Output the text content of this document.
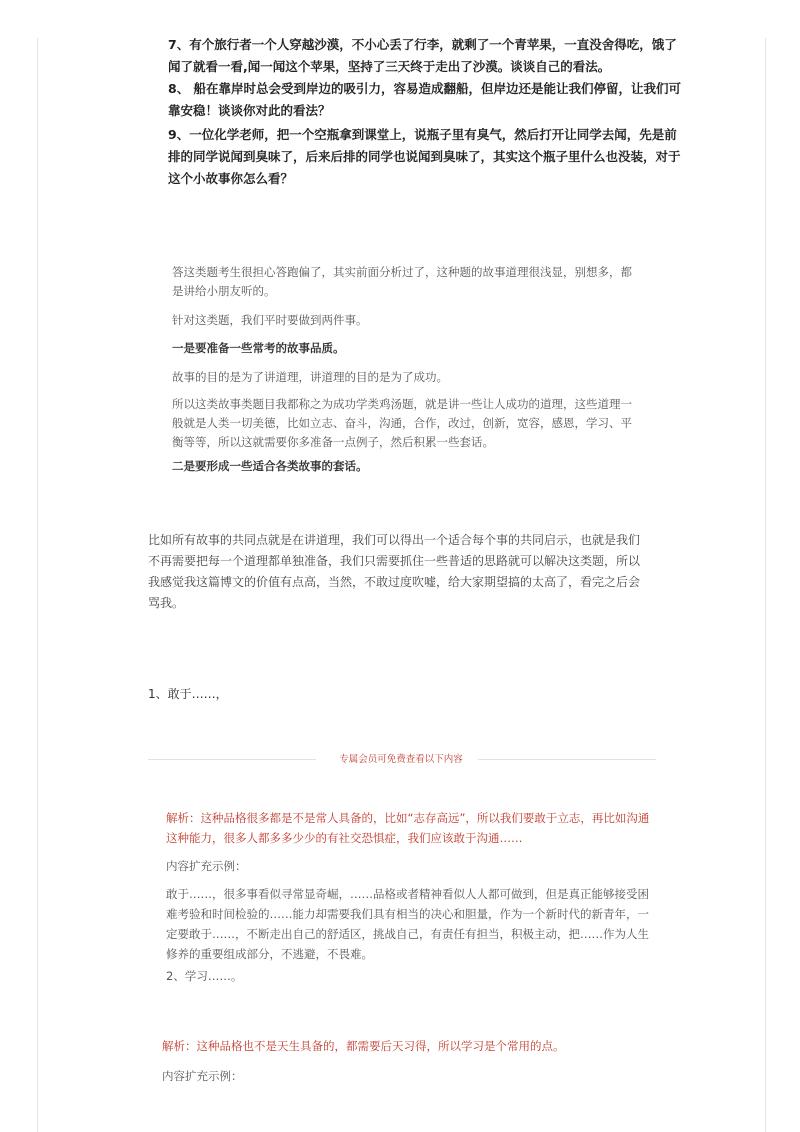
7、有个旅行者一个人穿越沙漠，不小心丢了行李，就剩了一个青苹果，一直没舍得吃，饿了闻了就看一看,闻一闻这个苹果，坚持了三天终于走出了沙漠。谈谈自己的看法。
8、 船在靠岸时总会受到岸边的吸引力，容易造成翻船，但岸边还是能让我们停留，让我们可靠安稳！谈谈你对此的看法？
9、一位化学老师，把一个空瓶拿到课堂上，说瓶子里有臭气，然后打开让同学去闻，先是前排的同学说闻到臭味了，后来后排的同学也说闻到臭味了，其实这个瓶子里什么也没装，对于这个小故事你怎么看？
答这类题考生很担心答跑偏了，其实前面分析过了，这种题的故事道理很浅显，别想多，都是讲给小朋友听的。
针对这类题，我们平时要做到两件事。
一是要准备一些常考的故事品质。
故事的目的是为了讲道理，讲道理的目的是为了成功。
所以这类故事类题目我都称之为成功学类鸡汤题，就是讲一些让人成功的道理，这些道理一般就是人类一切美德，比如立志、奋斗，沟通，合作，改过，创新，宽容，感恩，学习、平衡等等，所以这就需要你多准备一点例子，然后积累一些套话。
二是要形成一些适合各类故事的套话。
比如所有故事的共同点就是在讲道理，我们可以得出一个适合每个事的共同启示，也就是我们不再需要把每一个道理都单独准备，我们只需要抓住一些普适的思路就可以解决这类题，所以我感觉我这篇博文的价值有点高，当然，不敢过度吹嘘，给大家期望搞的太高了，看完之后会骂我。
1、敢于……，
专属会员可免费查看以下内容
解析：这种品格很多都是不是常人具备的，比如“志存高远”，所以我们要敢于立志，再比如沟通这种能力，很多人都多多少少的有社交恐惧症，我们应该敢于沟通……
内容扩充示例：
敢于……，很多事看似寻常显奇崛，……品格或者精神看似人人都可做到，但是真正能够接受困难考验和时间检验的……能力却需要我们具有相当的决心和胆量，作为一个新时代的新青年，一定要敢于……，不断走出自己的舒适区，挑战自己，有责任有担当，积极主动，把……作为人生修养的重要组成部分，不逃避，不畏难。
2、学习……。
解析：这种品格也不是天生具备的，都需要后天习得，所以学习是个常用的点。
内容扩充示例：
